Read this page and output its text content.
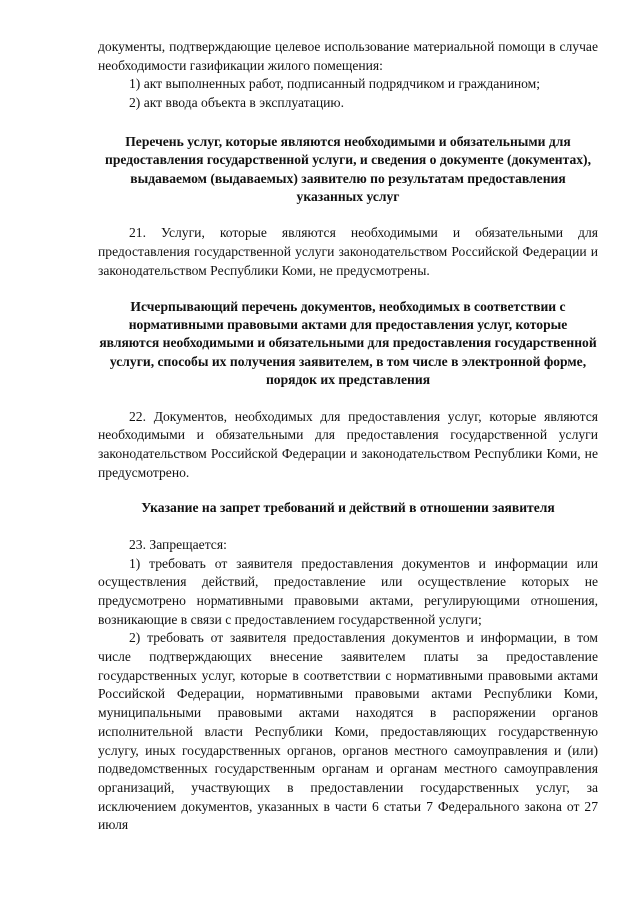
документы, подтверждающие целевое использование материальной помощи в случае необходимости газификации жилого помещения:

1) акт выполненных работ, подписанный подрядчиком и гражданином;

2) акт ввода объекта в эксплуатацию.

Перечень услуг, которые являются необходимыми и обязательными для предоставления государственной услуги, и сведения о документе (документах), выдаваемом (выдаваемых) заявителю по результатам предоставления указанных услуг

21. Услуги, которые являются необходимыми и обязательными для предоставления государственной услуги законодательством Российской Федерации и законодательством Республики Коми, не предусмотрены.

Исчерпывающий перечень документов, необходимых в соответствии с нормативными правовыми актами для предоставления услуг, которые являются необходимыми и обязательными для предоставления государственной услуги, способы их получения заявителем, в том числе в электронной форме, порядок их представления

22. Документов, необходимых для предоставления услуг, которые являются необходимыми и обязательными для предоставления государственной услуги законодательством Российской Федерации и законодательством Республики Коми, не предусмотрено.

Указание на запрет требований и действий в отношении заявителя

23. Запрещается:

1) требовать от заявителя предоставления документов и информации или осуществления действий, предоставление или осуществление которых не предусмотрено нормативными правовыми актами, регулирующими отношения, возникающие в связи с предоставлением государственной услуги;

2) требовать от заявителя предоставления документов и информации, в том числе подтверждающих внесение заявителем платы за предоставление государственных услуг, которые в соответствии с нормативными правовыми актами Российской Федерации, нормативными правовыми актами Республики Коми, муниципальными правовыми актами находятся в распоряжении органов исполнительной власти Республики Коми, предоставляющих государственную услугу, иных государственных органов, органов местного самоуправления и (или) подведомственных государственным органам и органам местного самоуправления организаций, участвующих в предоставлении государственных услуг, за исключением документов, указанных в части 6 статьи 7 Федерального закона от 27 июля
